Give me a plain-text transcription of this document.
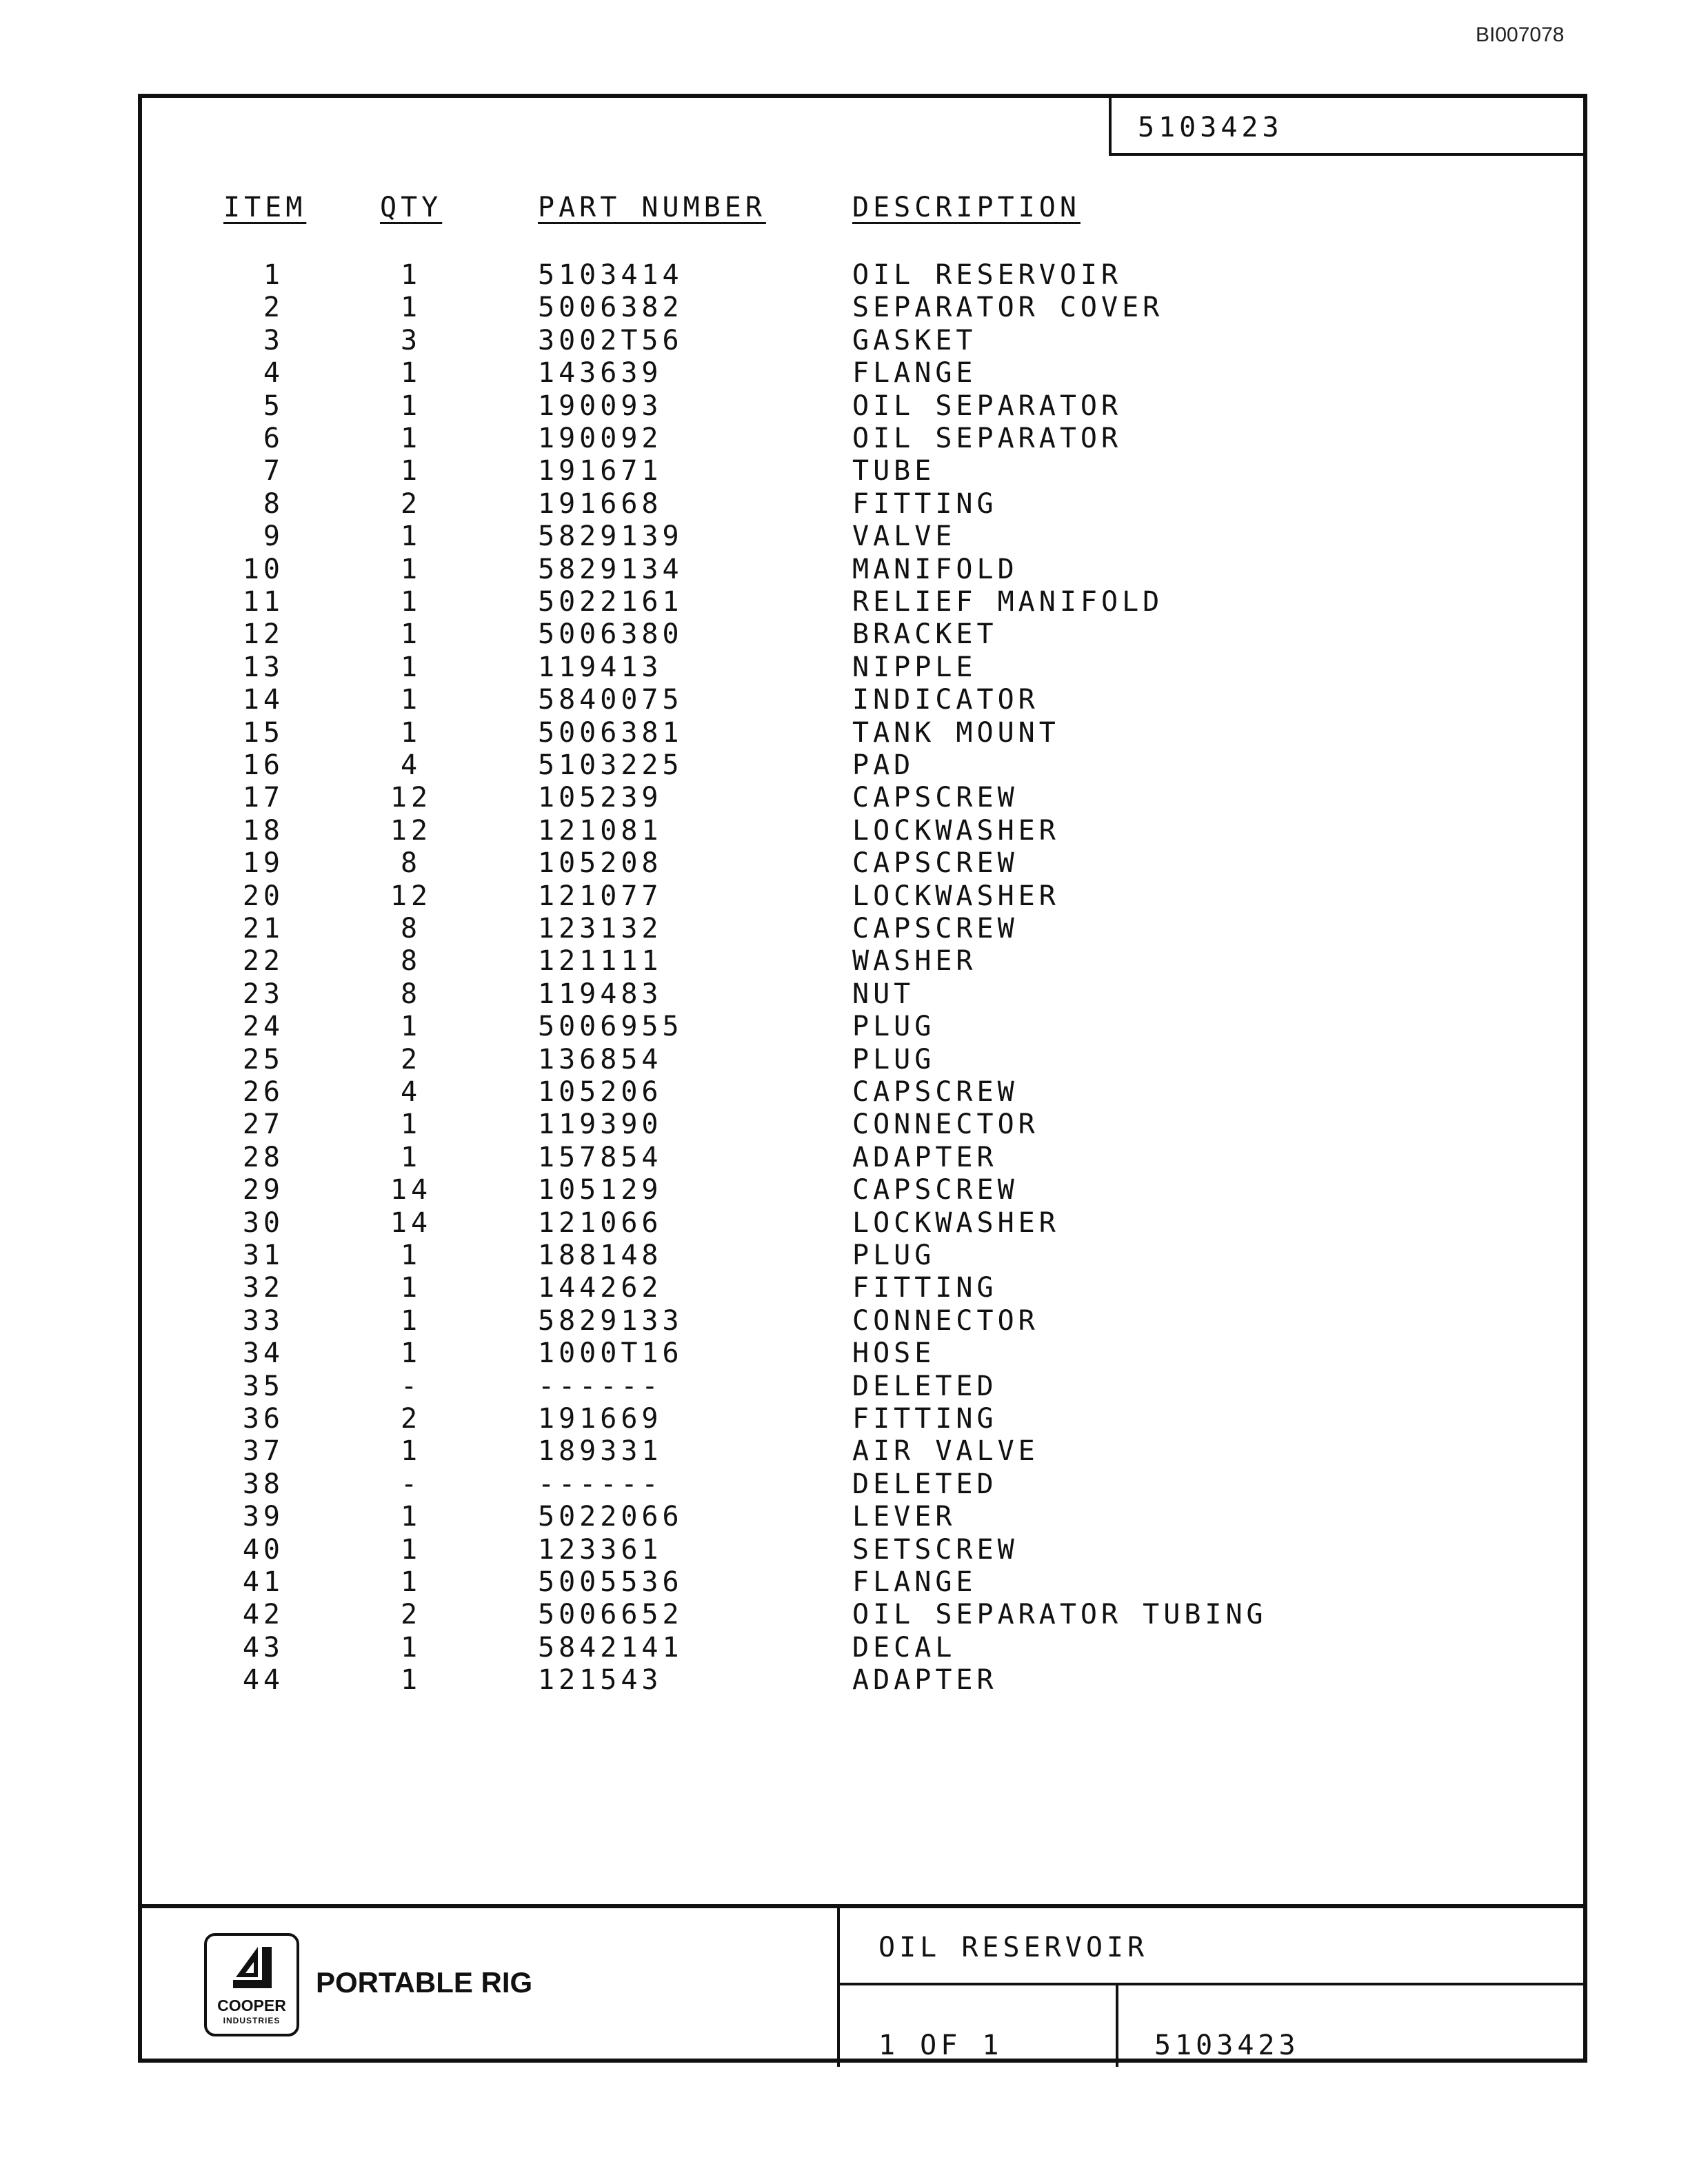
BI007078
5103423
ITEM	QTY	PART NUMBER	DESCRIPTION
1	1	5103414	OIL RESERVOIR
2	1	5006382	SEPARATOR COVER
3	3	3002T56	GASKET
4	1	143639	FLANGE
5	1	190093	OIL SEPARATOR
6	1	190092	OIL SEPARATOR
7	1	191671	TUBE
8	2	191668	FITTING
9	1	5829139	VALVE
10	1	5829134	MANIFOLD
11	1	5022161	RELIEF MANIFOLD
12	1	5006380	BRACKET
13	1	119413	NIPPLE
14	1	5840075	INDICATOR
15	1	5006381	TANK MOUNT
16	4	5103225	PAD
17	12	105239	CAPSCREW
18	12	121081	LOCKWASHER
19	8	105208	CAPSCREW
20	12	121077	LOCKWASHER
21	8	123132	CAPSCREW
22	8	121111	WASHER
23	8	119483	NUT
24	1	5006955	PLUG
25	2	136854	PLUG
26	4	105206	CAPSCREW
27	1	119390	CONNECTOR
28	1	157854	ADAPTER
29	14	105129	CAPSCREW
30	14	121066	LOCKWASHER
31	1	188148	PLUG
32	1	144262	FITTING
33	1	5829133	CONNECTOR
34	1	1000T16	HOSE
35	-	------	DELETED
36	2	191669	FITTING
37	1	189331	AIR VALVE
38	-	------	DELETED
39	1	5022066	LEVER
40	1	123361	SETSCREW
41	1	5005536	FLANGE
42	2	5006652	OIL SEPARATOR TUBING
43	1	5842141	DECAL
44	1	121543	ADAPTER
COOPER
INDUSTRIES
PORTABLE RIG
OIL RESERVOIR
1 OF 1	5103423
